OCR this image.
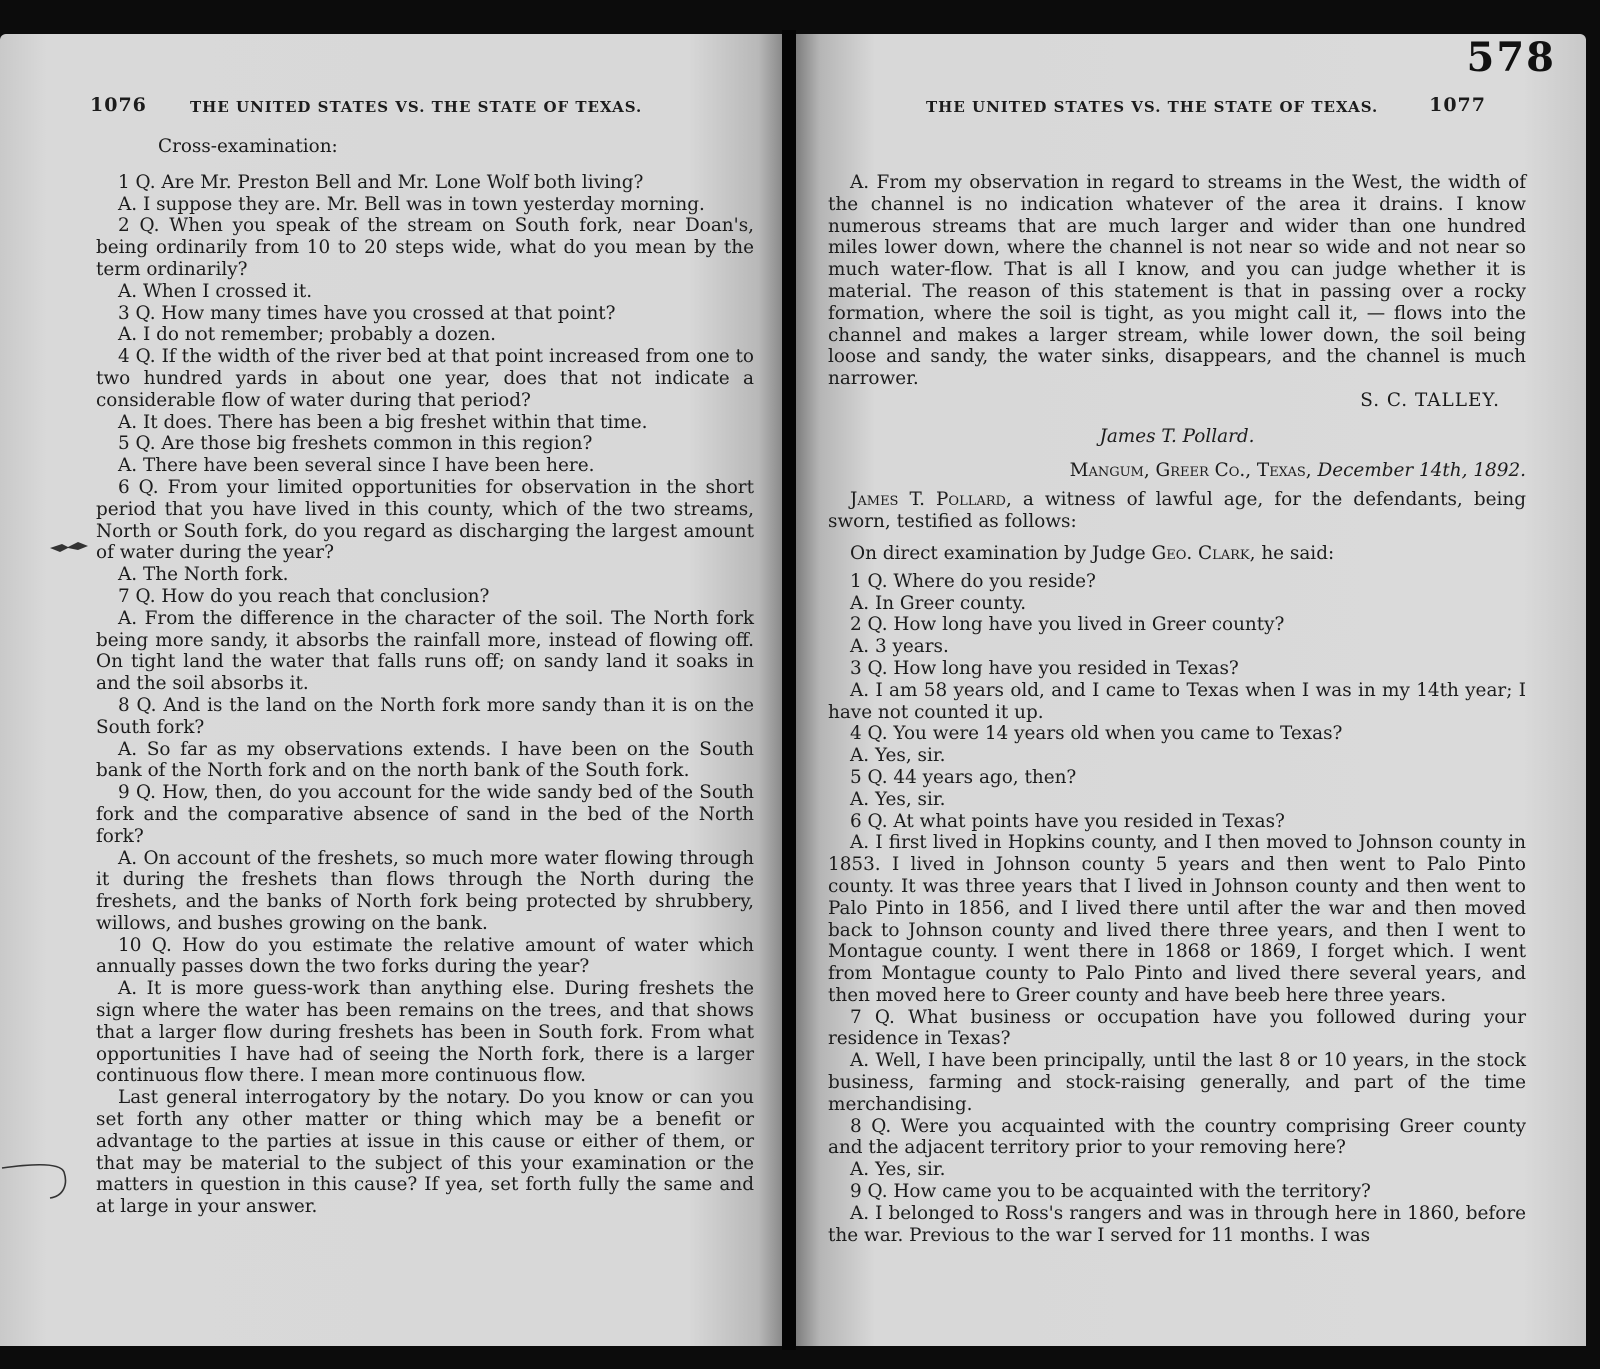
1076	THE UNITED STATES VS. THE STATE OF TEXAS.

Cross-examination:

1 Q. Are Mr. Preston Bell and Mr. Lone Wolf both living?

A. I suppose they are. Mr. Bell was in town yesterday morning.

2 Q. When you speak of the stream on South fork, near Doan's, being ordinarily from 10 to 20 steps wide, what do you mean by the term ordinarily?

A. When I crossed it.

3 Q. How many times have you crossed at that point?

A. I do not remember; probably a dozen.

4 Q. If the width of the river bed at that point increased from one to two hundred yards in about one year, does that not indicate a considerable flow of water during that period?

A. It does. There has been a big freshet within that time.

5 Q. Are those big freshets common in this region?

A. There have been several since I have been here.

6 Q. From your limited opportunities for observation in the short period that you have lived in this county, which of the two streams, North or South fork, do you regard as discharging the largest amount of water during the year?

A. The North fork.

7 Q. How do you reach that conclusion?

A. From the difference in the character of the soil. The North fork being more sandy, it absorbs the rainfall more, instead of flowing off. On tight land the water that falls runs off; on sandy land it soaks in and the soil absorbs it.

8 Q. And is the land on the North fork more sandy than it is on the South fork?

A. So far as my observations extends. I have been on the South bank of the North fork and on the north bank of the South fork.

9 Q. How, then, do you account for the wide sandy bed of the South fork and the comparative absence of sand in the bed of the North fork?

A. On account of the freshets, so much more water flowing through it during the freshets than flows through the North during the freshets, and the banks of North fork being protected by shrubbery, willows, and bushes growing on the bank.

10 Q. How do you estimate the relative amount of water which annually passes down the two forks during the year?

A. It is more guess-work than anything else. During freshets the sign where the water has been remains on the trees, and that shows that a larger flow during freshets has been in South fork. From what opportunities I have had of seeing the North fork, there is a larger continuous flow there. I mean more continuous flow.

Last general interrogatory by the notary. Do you know or can you set forth any other matter or thing which may be a benefit or advantage to the parties at issue in this cause or either of them, or that may be material to the subject of this your examination or the matters in question in this cause? If yea, set forth fully the same and at large in your answer.

578
THE UNITED STATES VS. THE STATE OF TEXAS.	1077

A. From my observation in regard to streams in the West, the width of the channel is no indication whatever of the area it drains. I know numerous streams that are much larger and wider than one hundred miles lower down, where the channel is not near so wide and not near so much water-flow. That is all I know, and you can judge whether it is material. The reason of this statement is that in passing over a rocky formation, where the soil is tight, as you might call it, — flows into the channel and makes a larger stream, while lower down, the soil being loose and sandy, the water sinks, disappears, and the channel is much narrower.

S. C. TALLEY.

James T. Pollard.

Mangum, Greer Co., Texas, December 14th, 1892.

James T. Pollard, a witness of lawful age, for the defendants, being sworn, testified as follows:

On direct examination by Judge Geo. Clark, he said:

1 Q. Where do you reside?

A. In Greer county.

2 Q. How long have you lived in Greer county?

A. 3 years.

3 Q. How long have you resided in Texas?

A. I am 58 years old, and I came to Texas when I was in my 14th year; I have not counted it up.

4 Q. You were 14 years old when you came to Texas?

A. Yes, sir.

5 Q. 44 years ago, then?

A. Yes, sir.

6 Q. At what points have you resided in Texas?

A. I first lived in Hopkins county, and I then moved to Johnson county in 1853. I lived in Johnson county 5 years and then went to Palo Pinto county. It was three years that I lived in Johnson county and then went to Palo Pinto in 1856, and I lived there until after the war and then moved back to Johnson county and lived there three years, and then I went to Montague county. I went there in 1868 or 1869, I forget which. I went from Montague county to Palo Pinto and lived there several years, and then moved here to Greer county and have beeb here three years.

7 Q. What business or occupation have you followed during your residence in Texas?

A. Well, I have been principally, until the last 8 or 10 years, in the stock business, farming and stock-raising generally, and part of the time merchandising.

8 Q. Were you acquainted with the country comprising Greer county and the adjacent territory prior to your removing here?

A. Yes, sir.

9 Q. How came you to be acquainted with the territory?

A. I belonged to Ross's rangers and was in through here in 1860, before the war. Previous to the war I served for 11 months. I was
